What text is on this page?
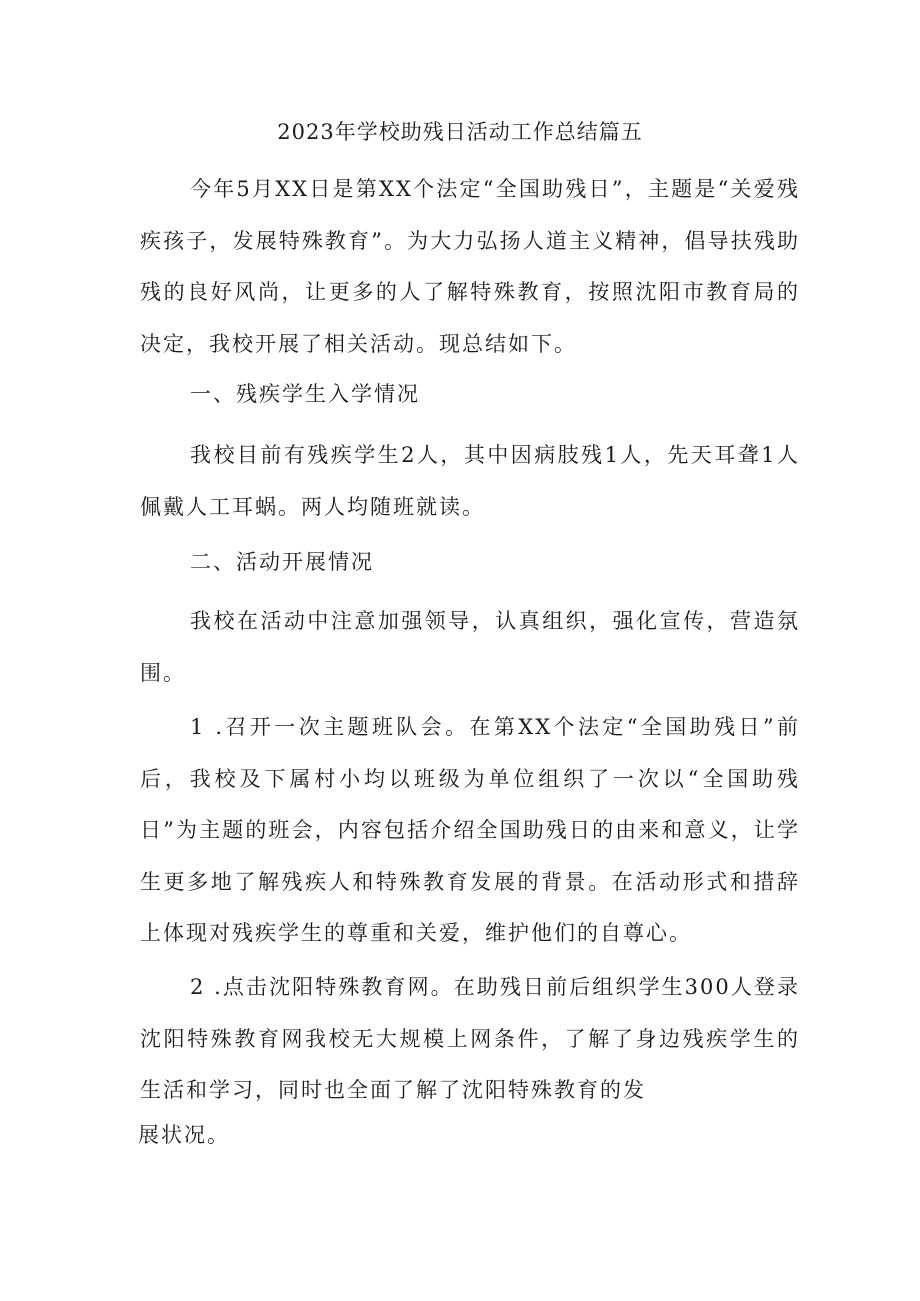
2023年学校助残日活动工作总结篇五

今年5月XX日是第XX个法定“全国助残日”，主题是“关爱残疾孩子，发展特殊教育”。为大力弘扬人道主义精神，倡导扶残助残的良好风尚，让更多的人了解特殊教育，按照沈阳市教育局的决定，我校开展了相关活动。现总结如下。

一、残疾学生入学情况

我校目前有残疾学生2人，其中因病肢残1人，先天耳聋1人佩戴人工耳蜗。两人均随班就读。

二、活动开展情况

我校在活动中注意加强领导，认真组织，强化宣传，营造氛围。

1 .召开一次主题班队会。在第XX个法定“全国助残日”前后，我校及下属村小均以班级为单位组织了一次以“全国助残日”为主题的班会，内容包括介绍全国助残日的由来和意义，让学生更多地了解残疾人和特殊教育发展的背景。在活动形式和措辞上体现对残疾学生的尊重和关爱，维护他们的自尊心。

2 .点击沈阳特殊教育网。在助残日前后组织学生300人登录沈阳特殊教育网我校无大规模上网条件，了解了身边残疾学生的生活和学习，同时也全面了解了沈阳特殊教育的发

展状况。
